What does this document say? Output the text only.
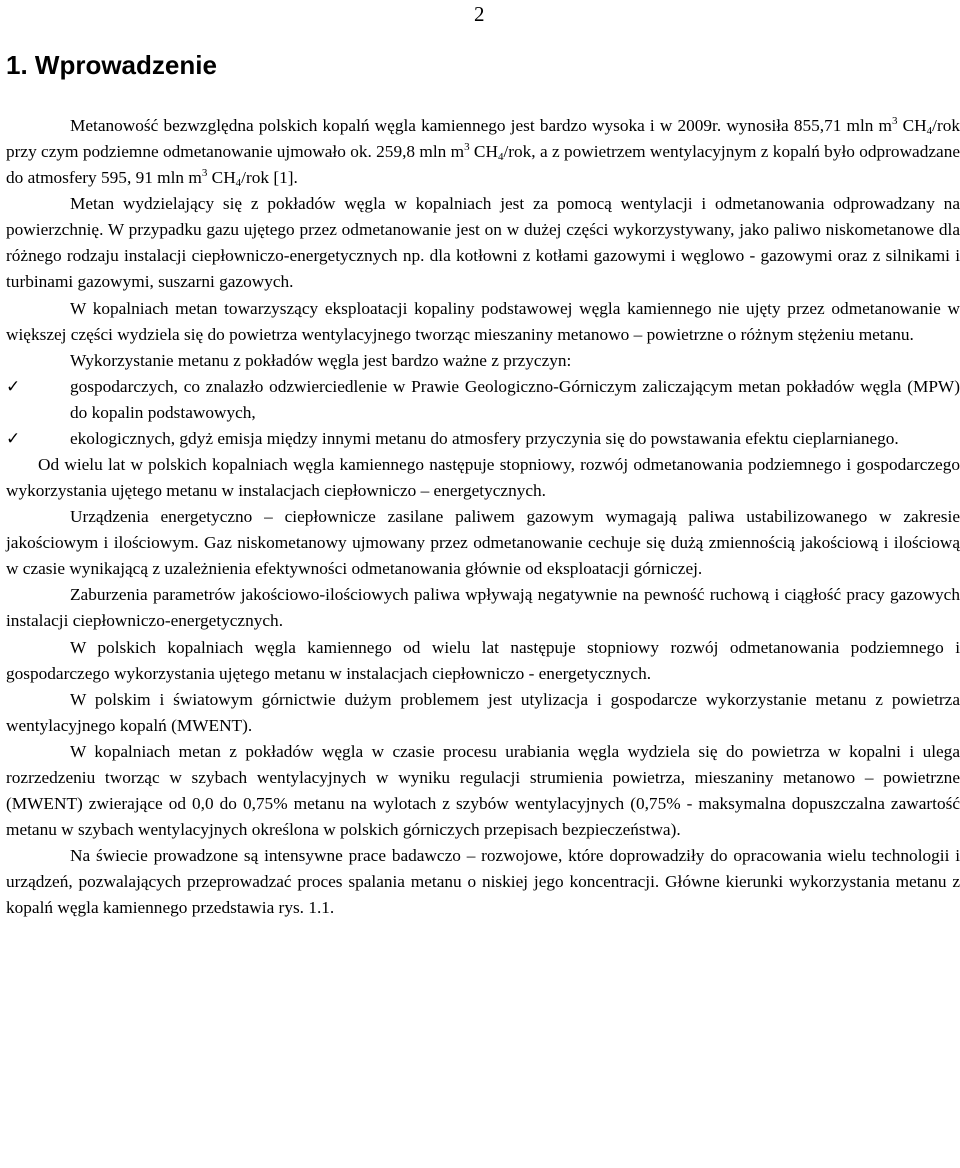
2
1. Wprowadzenie

Metanowość bezwzględna polskich kopalń węgla kamiennego jest bardzo wysoka i w 2009r. wynosiła 855,71 mln $m^3$ $CH_4$/rok przy czym podziemne odmetanowanie ujmowało ok. 259,8 mln $m^3$ $CH_4$/rok, a z powietrzem wentylacyjnym z kopalń było odprowadzane do atmosfery 595, 91 mln $m^3$ $CH_4$/rok [1].

Metan wydzielający się z pokładów węgla w kopalniach jest za pomocą wentylacji i odmetanowania odprowadzany na powierzchnię. W przypadku gazu ujętego przez odmetanowanie jest on w dużej części wykorzystywany, jako paliwo niskometanowe dla różnego rodzaju instalacji ciepłowniczo-energetycznych np. dla kotłowni z kotłami gazowymi i węglowo - gazowymi oraz z silnikami i turbinami gazowymi, suszarni gazowych.

W kopalniach metan towarzyszący eksploatacji kopaliny podstawowej węgla kamiennego nie ujęty przez odmetanowanie w większej części wydziela się do powietrza wentylacyjnego tworząc mieszaniny metanowo – powietrzne o różnym stężeniu metanu.

Wykorzystanie metanu z pokładów węgla jest bardzo ważne z przyczyn:

✓	gospodarczych, co znalazło odzwierciedlenie w Prawie Geologiczno-Górniczym zaliczającym metan pokładów węgla (MPW) do kopalin podstawowych,
✓	ekologicznych, gdyż emisja między innymi metanu do atmosfery przyczynia się do powstawania efektu cieplarnianego.

Od wielu lat w polskich kopalniach węgla kamiennego następuje stopniowy, rozwój odmetanowania podziemnego i gospodarczego wykorzystania ujętego metanu w instalacjach ciepłowniczo – energetycznych.

Urządzenia energetyczno – ciepłownicze zasilane paliwem gazowym wymagają paliwa ustabilizowanego w zakresie jakościowym i ilościowym. Gaz niskometanowy ujmowany przez odmetanowanie cechuje się dużą zmiennością jakościową i ilościową w czasie wynikającą z uzależnienia efektywności odmetanowania głównie od eksploatacji górniczej.

Zaburzenia parametrów jakościowo-ilościowych paliwa wpływają negatywnie na pewność ruchową i ciągłość pracy gazowych instalacji ciepłowniczo-energetycznych.

W polskich kopalniach węgla kamiennego od wielu lat następuje stopniowy rozwój odmetanowania podziemnego i gospodarczego wykorzystania ujętego metanu w instalacjach ciepłowniczo - energetycznych.

W polskim i światowym górnictwie dużym problemem jest utylizacja i gospodarcze wykorzystanie metanu z powietrza wentylacyjnego kopalń (MWENT).

W kopalniach metan z pokładów węgla w czasie procesu urabiania węgla wydziela się do powietrza w kopalni i ulega rozrzedzeniu tworząc w szybach wentylacyjnych w wyniku regulacji strumienia powietrza, mieszaniny metanowo – powietrzne (MWENT) zwierające od 0,0 do 0,75% metanu na wylotach z szybów wentylacyjnych (0,75% - maksymalna dopuszczalna zawartość metanu w szybach wentylacyjnych określona w polskich górniczych przepisach bezpieczeństwa).

Na świecie prowadzone są intensywne prace badawczo – rozwojowe, które doprowadziły do opracowania wielu technologii i urządzeń, pozwalających przeprowadzać proces spalania metanu o niskiej jego koncentracji. Główne kierunki wykorzystania metanu z kopalń węgla kamiennego przedstawia rys. 1.1.
